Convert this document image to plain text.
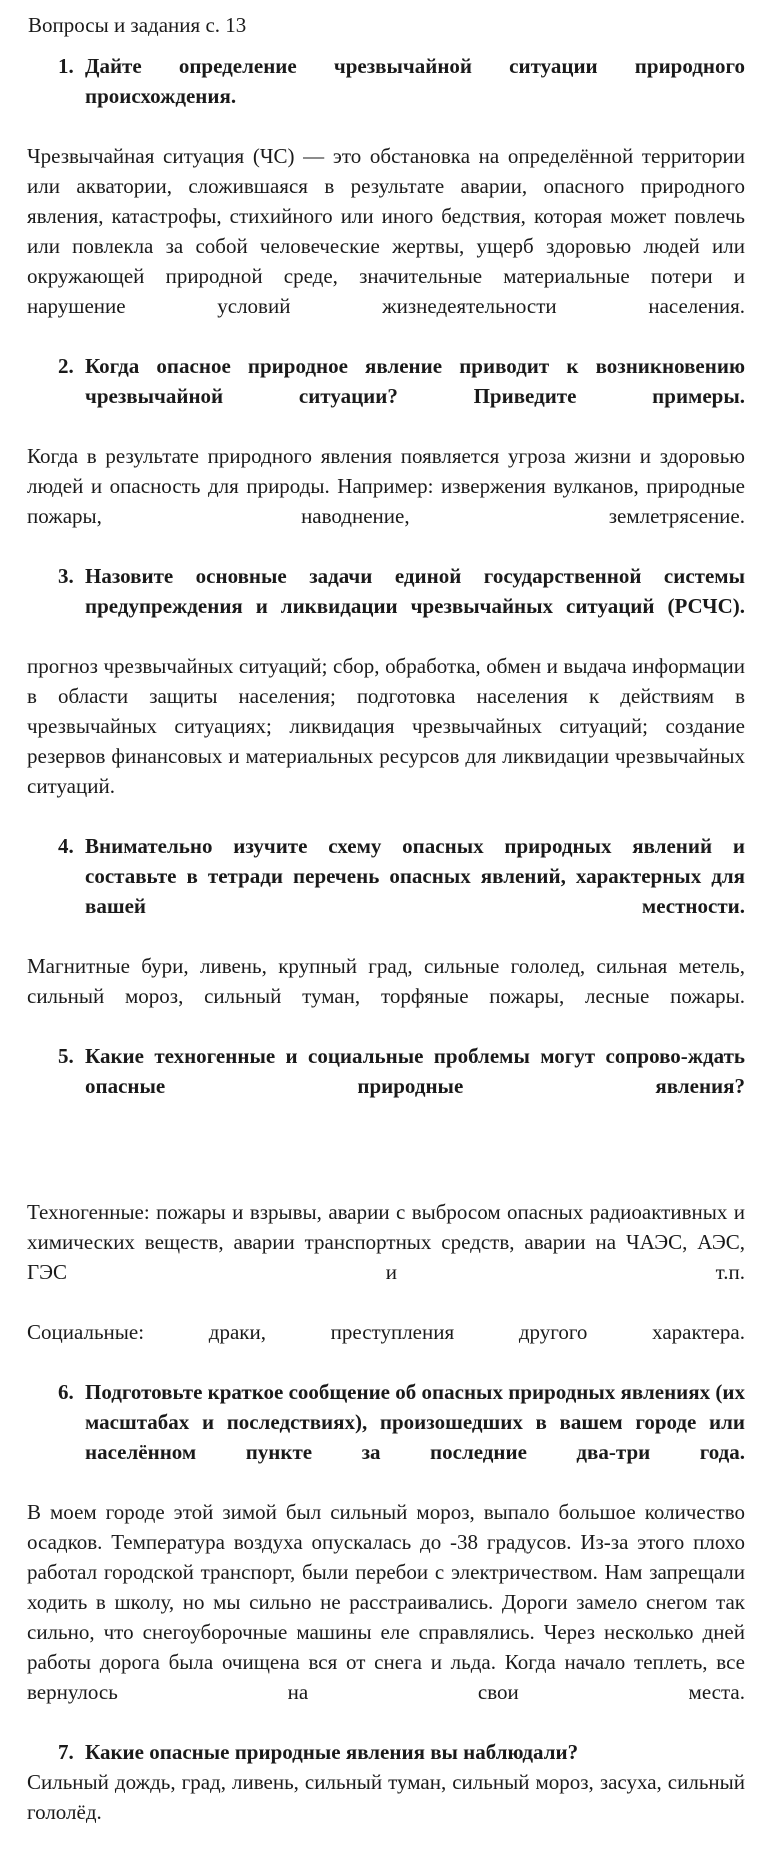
Вопросы и задания с. 13

1. Дайте определение чрезвычайной ситуации природного происхождения.

Чрезвычайная ситуация (ЧС) — это обстановка на определённой территории или акватории, сложившаяся в результате аварии, опасного природного явления, катастрофы, стихийного или иного бедствия, которая может повлечь или повлекла за собой человеческие жертвы, ущерб здоровью людей или окружающей природной среде, значительные материальные потери и нарушение условий жизнедеятельности населения.

2. Когда опасное природное явление приводит к возникновению чрезвычайной ситуации? Приведите примеры.

Когда в результате природного явления появляется угроза жизни и здоровью людей и опасность для природы. Например: извержения вулканов, природные пожары, наводнение, землетрясение.

3. Назовите основные задачи единой государственной системы предупреждения и ликвидации чрезвычайных ситуаций (РСЧС).

прогноз чрезвычайных ситуаций; сбор, обработка, обмен и выдача информации в области защиты населения; подготовка населения к действиям в чрезвычайных ситуациях; ликвидация чрезвычайных ситуаций; создание резервов финансовых и материальных ресурсов для ликвидации чрезвычайных ситуаций.

4. Внимательно изучите схему опасных природных явлений и составьте в тетради перечень опасных явлений, характерных для вашей местности.

Магнитные бури, ливень, крупный град, сильные гололед, сильная метель, сильный мороз, сильный туман, торфяные пожары, лесные пожары.

5. Какие техногенные и социальные проблемы могут сопрово-ждать опасные природные явления?

Техногенные: пожары и взрывы, аварии с выбросом опасных радиоактивных и химических веществ, аварии транспортных средств, аварии на ЧАЭС, АЭС, ГЭС и т.п.

Социальные: драки, преступления другого характера.

6. Подготовьте краткое сообщение об опасных природных явлениях (их масштабах и последствиях), произошедших в вашем городе или населённом пункте за последние два-три года.

В моем городе этой зимой был сильный мороз, выпало большое количество осадков. Температура воздуха опускалась до -38 градусов. Из-за этого плохо работал городской транспорт, были перебои с электричеством. Нам запрещали ходить в школу, но мы сильно не расстраивались. Дороги замело снегом так сильно, что снегоуборочные машины еле справлялись. Через несколько дней работы дорога была очищена вся от снега и льда. Когда начало теплеть, все вернулось на свои места.

7. Какие опасные природные явления вы наблюдали?

Сильный дождь, град, ливень, сильный туман, сильный мороз, засуха, сильный гололёд.
